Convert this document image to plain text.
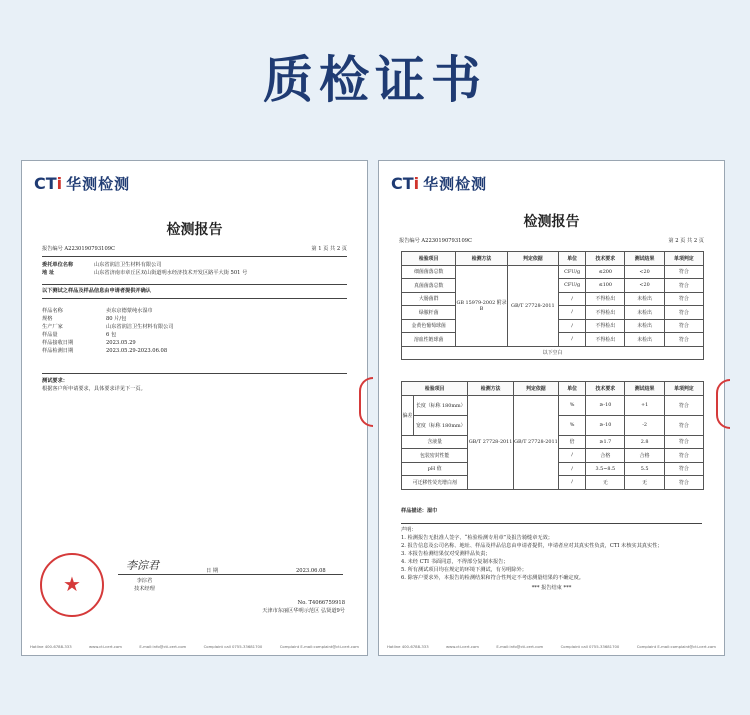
质检证书
CTi 华测检测
检测报告
报告编号 A2230190793109C	第 1 页 共 2 页
委托单位名称	山东省润洁卫生材料有限公司
地 址	山东省济南市章丘区双山街道明水经济技术开发区路平大街 501 号
以下测试之样品及样品信息由申请者提供并确认
样品名称	卖东京德蒙纯水湿巾
规格	80 片/包
生产厂家	山东省润洁卫生材料有限公司
样品量	6 包
样品接收日期	2023.05.29
样品检测日期	2023.05.29-2023.06.08
测试要求：
根据客户所申请要求，具体要求详见下一页。
李淙君	日 期	2023.06.08
李淙君
技术经理
★
No. T4066759918
天津市东丽区华明示范区 弘贤道9号
Hotline 400-6788-333	www.cti-cert.com	E-mail:info@cti-cert.com	Complaint call 0755-33681700	Complaint E-mail:complaint@cti-cert.com
CTi 华测检测
检测报告
报告编号 A2230190793109C	第 2 页 共 2 页
检验项目	检测方法	判定依据	单位	技术要求	测试结果	单项判定
细菌菌落总数	GB 15979-2002 附录 B	GB/T 27728-2011	CFU/g	≤200	<20	符合
真菌菌落总数			CFU/g	≤100	<20	符合
大肠菌群			/	不得检出	未检出	符合
绿脓杆菌			/	不得检出	未检出	符合
金黄色葡萄球菌			/	不得检出	未检出	符合
溶血性链球菌			/	不得检出	未检出	符合
以下空白						
检验项目		检测方法	判定依据	单位	技术要求	测试结果	单项判定
偏差	长度（标称 180mm）	GB/T 27728-2011	GB/T 27728-2011	%	≥-10	+1	符合
	宽度（标称 180mm）			%	≥-10	-2	符合
含液量				倍	≥1.7	2.8	符合
包装密封性能				/	合格	合格	符合
pH 值				/	3.5~8.5	5.5	符合
可迁移性荧光增白剂				/	无	无	符合
样品描述：湿巾
声明：
1. 检测报告无批准人签字、“检验检测专用章”及报告骑缝章无效；
2. 报告信息及公司名称、地址、样品及样品信息由申请者提供，申请者应对其真实性负责，CTI 未核实其真实性；
3. 本报告检测结果仅对受测样品负责；
4. 未经 CTI 书面同意，不得部分复制本报告；
5. 所有测试项目均在规定的环境下测试，有另明除外；
6. 除客户要求外，本报告的检测结果和符合性判定不考虑测量结果的不确定度。
*** 报告结束 ***
Hotline 400-6788-333	www.cti-cert.com	E-mail:info@cti-cert.com	Complaint call 0755-33681700	Complaint E-mail:complaint@cti-cert.com
